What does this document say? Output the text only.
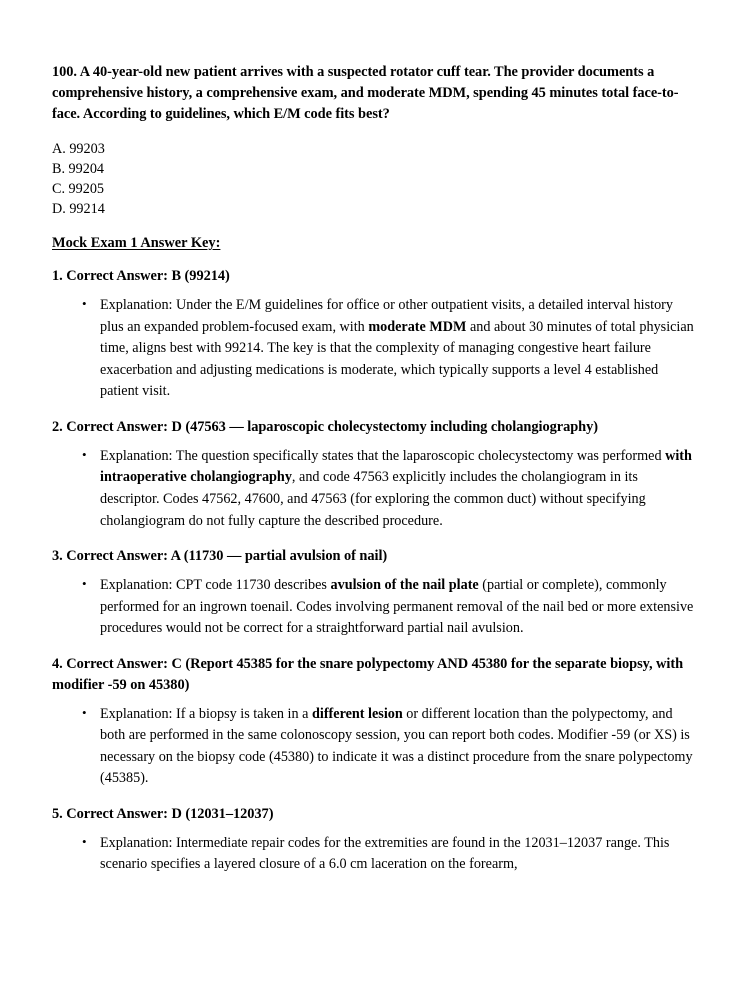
100. A 40-year-old new patient arrives with a suspected rotator cuff tear. The provider documents a comprehensive history, a comprehensive exam, and moderate MDM, spending 45 minutes total face-to-face. According to guidelines, which E/M code fits best?

A. 99203

B. 99204

C. 99205

D. 99214

Mock Exam 1 Answer Key:

1. Correct Answer: B (99214)

• Explanation: Under the E/M guidelines for office or other outpatient visits, a detailed interval history plus an expanded problem-focused exam, with moderate MDM and about 30 minutes of total physician time, aligns best with 99214. The key is that the complexity of managing congestive heart failure exacerbation and adjusting medications is moderate, which typically supports a level 4 established patient visit.

2. Correct Answer: D (47563 — laparoscopic cholecystectomy including cholangiography)

• Explanation: The question specifically states that the laparoscopic cholecystectomy was performed with intraoperative cholangiography, and code 47563 explicitly includes the cholangiogram in its descriptor. Codes 47562, 47600, and 47563 (for exploring the common duct) without specifying cholangiogram do not fully capture the described procedure.

3. Correct Answer: A (11730 — partial avulsion of nail)

• Explanation: CPT code 11730 describes avulsion of the nail plate (partial or complete), commonly performed for an ingrown toenail. Codes involving permanent removal of the nail bed or more extensive procedures would not be correct for a straightforward partial nail avulsion.

4. Correct Answer: C (Report 45385 for the snare polypectomy AND 45380 for the separate biopsy, with modifier -59 on 45380)

• Explanation: If a biopsy is taken in a different lesion or different location than the polypectomy, and both are performed in the same colonoscopy session, you can report both codes. Modifier -59 (or XS) is necessary on the biopsy code (45380) to indicate it was a distinct procedure from the snare polypectomy (45385).

5. Correct Answer: D (12031–12037)

• Explanation: Intermediate repair codes for the extremities are found in the 12031–12037 range. This scenario specifies a layered closure of a 6.0 cm laceration on the forearm,
